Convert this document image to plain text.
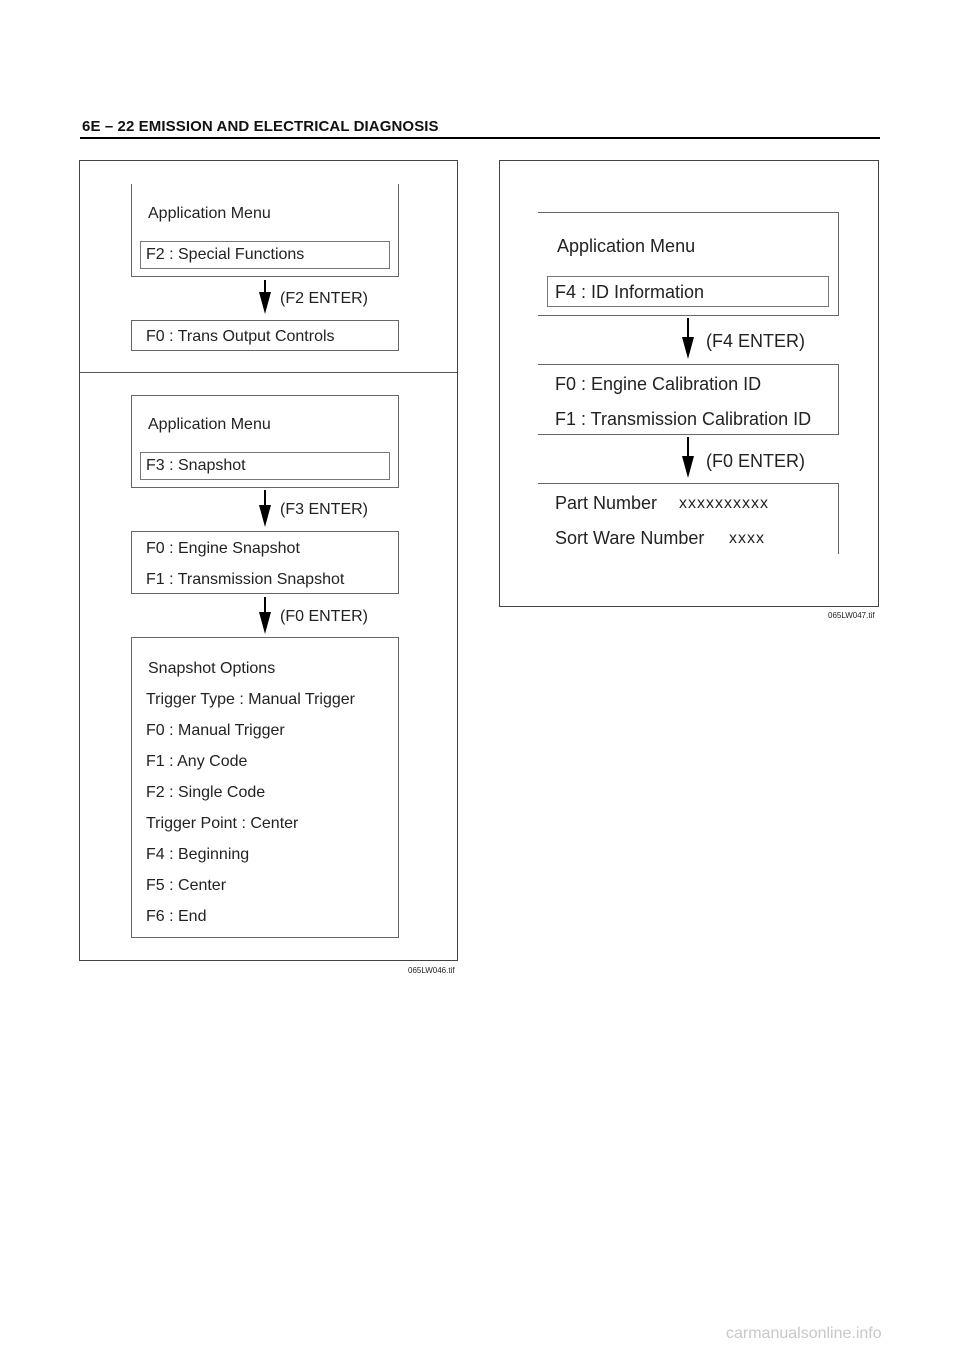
6E – 22 EMISSION AND ELECTRICAL DIAGNOSIS
Application Menu
F2 : Special Functions
(F2 ENTER)
F0 : Trans Output Controls
Application Menu
F3 : Snapshot
(F3 ENTER)
F0 : Engine Snapshot
F1 : Transmission Snapshot
(F0 ENTER)
Snapshot Options
Trigger Type : Manual Trigger
F0 : Manual Trigger
F1 : Any Code
F2 : Single Code
Trigger Point : Center
F4 : Beginning
F5 : Center
F6 : End
065LW046.tif
Application Menu
F4 : ID Information
(F4 ENTER)
F0 : Engine Calibration ID
F1 : Transmission Calibration ID
(F0 ENTER)
Part Number xxxxxxxxxx
Sort Ware Number xxxx
065LW047.tif
carmanualsonline.info
